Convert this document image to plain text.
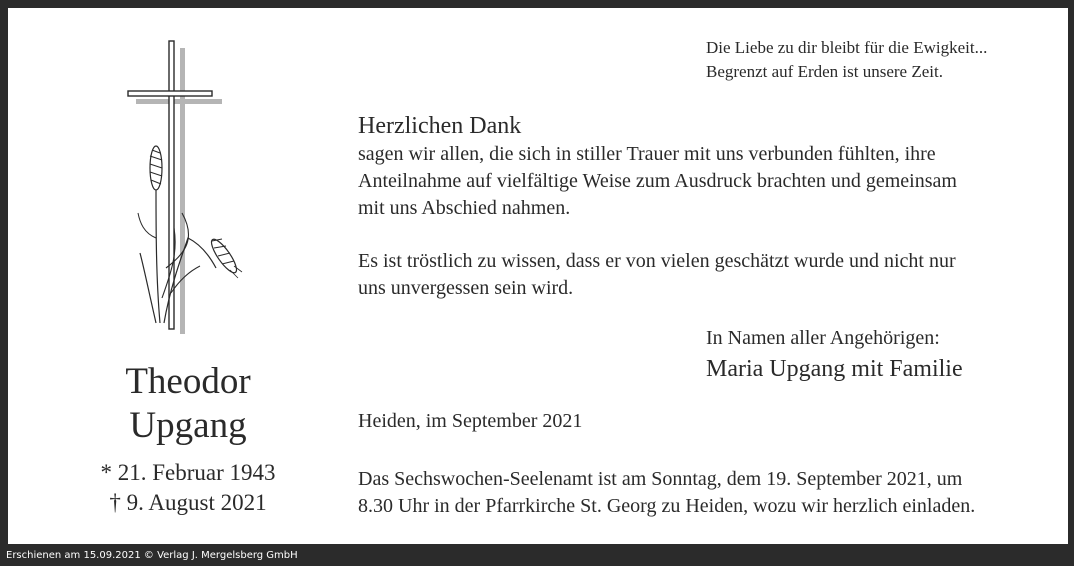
Theodor
Upgang
* 21. Februar 1943
† 9. August 2021
Die Liebe zu dir bleibt für die Ewigkeit...
Begrenzt auf Erden ist unsere Zeit.
Herzlichen Dank
sagen wir allen, die sich in stiller Trauer mit uns verbunden fühlten, ihre
Anteilnahme auf vielfältige Weise zum Ausdruck brachten und gemeinsam
mit uns Abschied nahmen.
Es ist tröstlich zu wissen, dass er von vielen geschätzt wurde und nicht nur
uns unvergessen sein wird.
In Namen aller Angehörigen:
Maria Upgang mit Familie
Heiden, im September 2021
Das Sechswochen-Seelenamt ist am Sonntag, dem 19. September 2021, um
8.30 Uhr in der Pfarrkirche St. Georg zu Heiden, wozu wir herzlich einladen.
Erschienen am 15.09.2021 © Verlag J. Mergelsberg GmbH
